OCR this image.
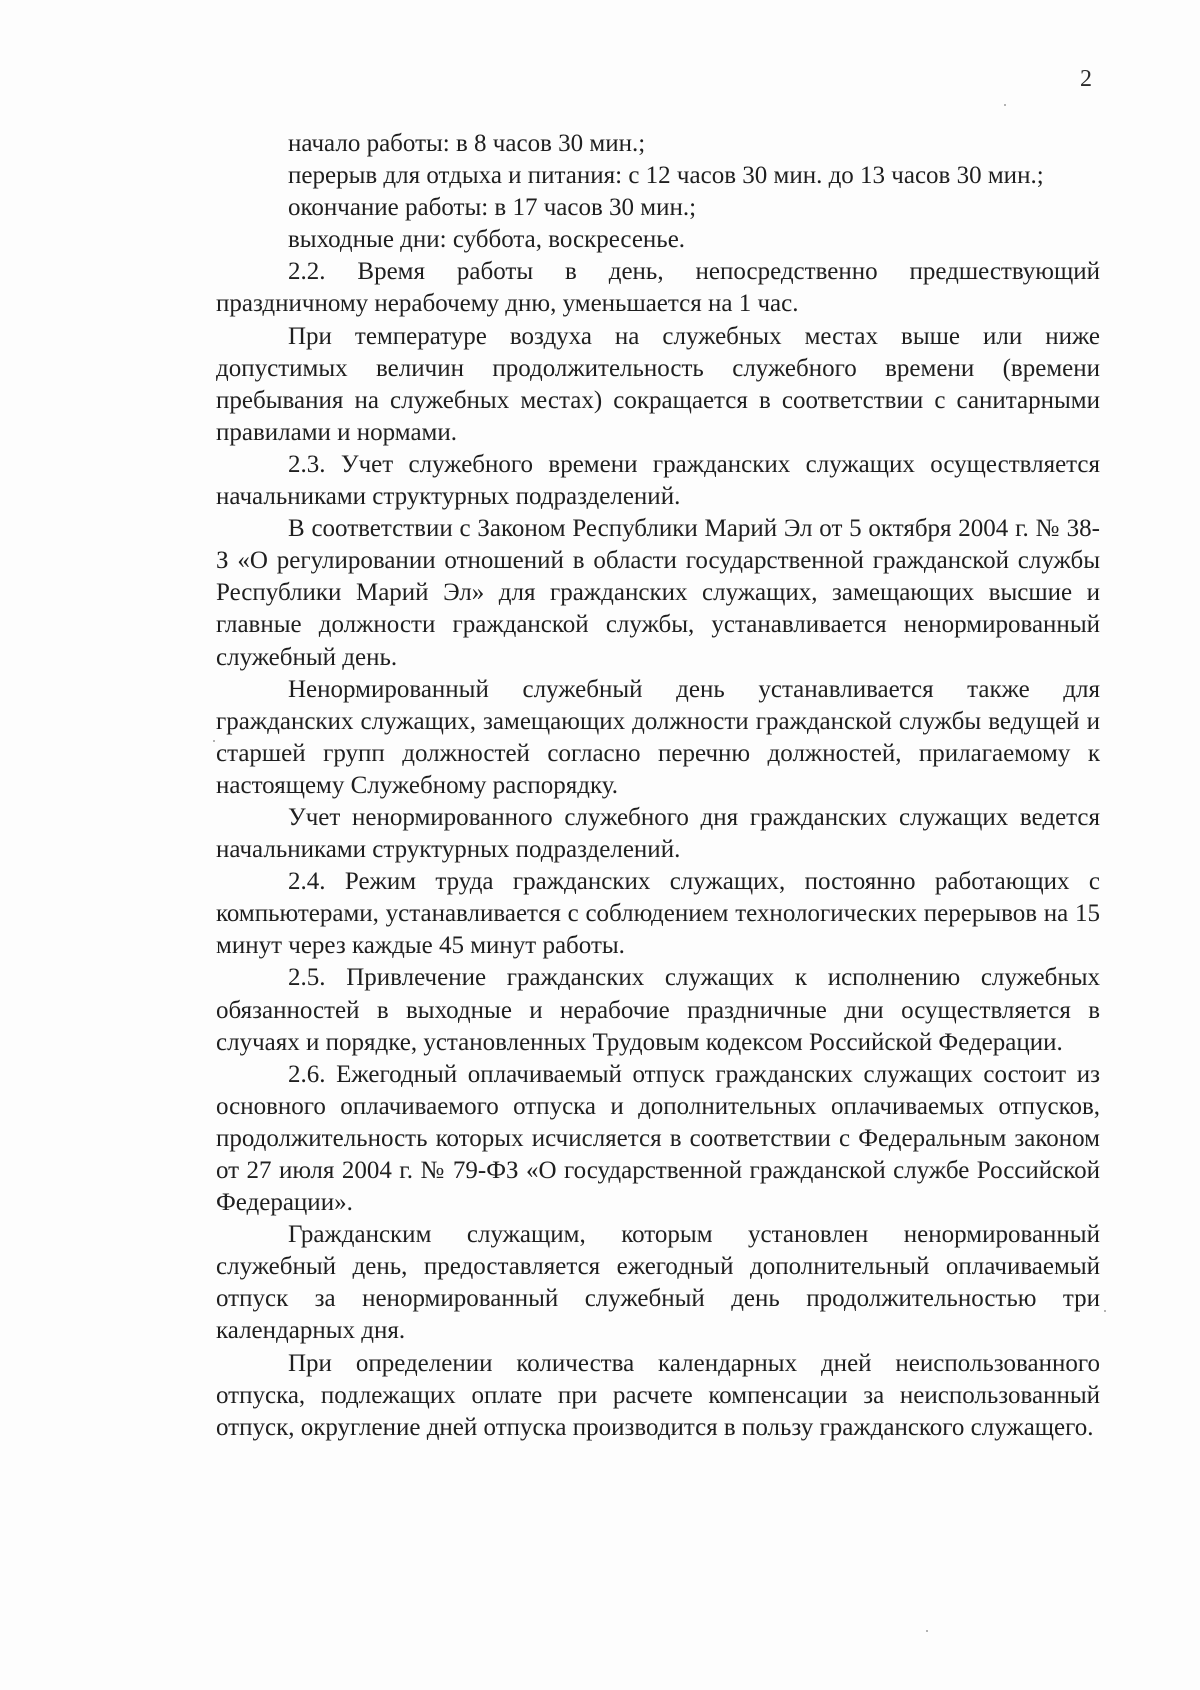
2

начало работы: в 8 часов 30 мин.;

перерыв для отдыха и питания: с 12 часов 30 мин. до 13 часов 30 мин.;

окончание работы: в 17 часов 30 мин.;

выходные дни: суббота, воскресенье.

2.2. Время работы в день, непосредственно предшествующий праздничному нерабочему дню, уменьшается на 1 час.

При температуре воздуха на служебных местах выше или ниже допустимых величин продолжительность служебного времени (времени пребывания на служебных местах) сокращается в соответствии с санитарными правилами и нормами.

2.3. Учет служебного времени гражданских служащих осуществляется начальниками структурных подразделений.

В соответствии с Законом Республики Марий Эл от 5 октября 2004 г. № 38-З «О регулировании отношений в области государственной гражданской службы Республики Марий Эл» для гражданских служащих, замещающих высшие и главные должности гражданской службы, устанавливается ненормированный служебный день.

Ненормированный служебный день устанавливается также для гражданских служащих, замещающих должности гражданской службы ведущей и старшей групп должностей согласно перечню должностей, прилагаемому к настоящему Служебному распорядку.

Учет ненормированного служебного дня гражданских служащих ведется начальниками структурных подразделений.

2.4. Режим труда гражданских служащих, постоянно работающих с компьютерами, устанавливается с соблюдением технологических перерывов на 15 минут через каждые 45 минут работы.

2.5. Привлечение гражданских служащих к исполнению служебных обязанностей в выходные и нерабочие праздничные дни осуществляется в случаях и порядке, установленных Трудовым кодексом Российской Федерации.

2.6. Ежегодный оплачиваемый отпуск гражданских служащих состоит из основного оплачиваемого отпуска и дополнительных оплачиваемых отпусков, продолжительность которых исчисляется в соответствии с Федеральным законом от 27 июля 2004 г. № 79-ФЗ «О государственной гражданской службе Российской Федерации».

Гражданским служащим, которым установлен ненормированный служебный день, предоставляется ежегодный дополнительный оплачиваемый отпуск за ненормированный служебный день продолжительностью три календарных дня.

При определении количества календарных дней неиспользованного отпуска, подлежащих оплате при расчете компенсации за неиспользованный отпуск, округление дней отпуска производится в пользу гражданского служащего.
